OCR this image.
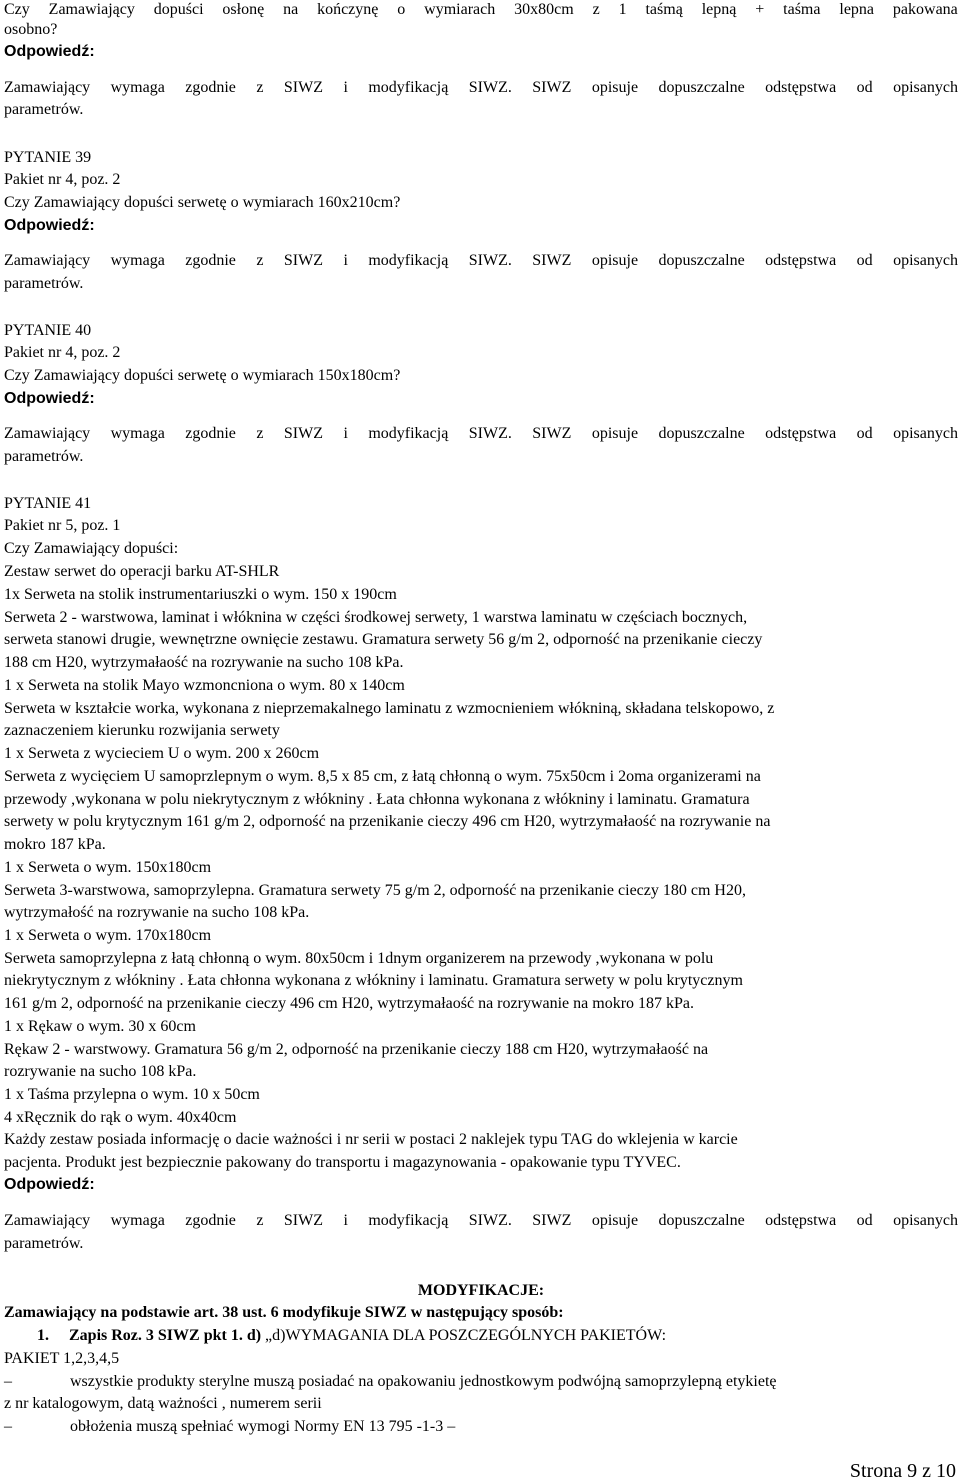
Czy Zamawiający dopuści osłonę na kończynę o wymiarach 30x80cm z 1 taśmą lepną + taśma lepna pakowana
osobno?
Odpowiedź:
Zamawiający wymaga zgodnie z SIWZ i modyfikacją SIWZ. SIWZ opisuje dopuszczalne odstępstwa od opisanych
parametrów.
PYTANIE 39
Pakiet nr 4, poz. 2
Czy Zamawiający dopuści serwetę o wymiarach 160x210cm?
Odpowiedź:
Zamawiający wymaga zgodnie z SIWZ i modyfikacją SIWZ. SIWZ opisuje dopuszczalne odstępstwa od opisanych
parametrów.
PYTANIE 40
Pakiet nr 4, poz. 2
Czy Zamawiający dopuści serwetę o wymiarach 150x180cm?
Odpowiedź:
Zamawiający wymaga zgodnie z SIWZ i modyfikacją SIWZ. SIWZ opisuje dopuszczalne odstępstwa od opisanych
parametrów.
PYTANIE 41
Pakiet nr 5, poz. 1
Czy Zamawiający dopuści:
Zestaw serwet do operacji barku AT-SHLR
1x Serweta na stolik instrumentariuszki o wym. 150 x 190cm
Serweta 2 - warstwowa, laminat i włóknina w części środkowej serwety, 1 warstwa laminatu w częściach bocznych,
serweta stanowi drugie, wewnętrzne ownięcie zestawu. Gramatura serwety 56 g/m 2, odporność na przenikanie cieczy
188 cm H20, wytrzymałaość na rozrywanie na sucho 108 kPa.
1 x Serweta na stolik Mayo wzmoncniona o wym. 80 x 140cm
Serweta w kształcie worka, wykonana z nieprzemakalnego laminatu z wzmocnieniem włókniną, składana telskopowo, z
zaznaczeniem kierunku rozwijania serwety
1 x Serweta z wycieciem U o wym. 200 x 260cm
Serweta z wycięciem U samoprzlepnym o wym. 8,5 x 85 cm, z łatą chłonną o wym. 75x50cm i 2oma organizerami na
przewody ,wykonana w polu niekrytycznym z włókniny . Łata chłonna wykonana z włókniny i laminatu. Gramatura
serwety w polu krytycznym 161 g/m 2, odporność na przenikanie cieczy 496 cm H20, wytrzymałaość na rozrywanie na
mokro 187 kPa.
1 x Serweta o wym. 150x180cm
Serweta 3-warstwowa, samoprzylepna. Gramatura serwety 75 g/m 2, odporność na przenikanie cieczy 180 cm H20,
wytrzymałość na rozrywanie na sucho 108 kPa.
1 x Serweta o wym. 170x180cm
Serweta samoprzylepna z łatą chłonną o wym. 80x50cm i 1dnym organizerem na przewody ,wykonana w polu
niekrytycznym z włókniny . Łata chłonna wykonana z włókniny i laminatu. Gramatura serwety w polu krytycznym
161 g/m 2, odporność na przenikanie cieczy 496 cm H20, wytrzymałaość na rozrywanie na mokro 187 kPa.
1 x Rękaw o wym. 30 x 60cm
Rękaw 2 - warstwowy. Gramatura 56 g/m 2, odporność na przenikanie cieczy 188 cm H20, wytrzymałaość na
rozrywanie na sucho 108 kPa.
1 x Taśma przylepna o wym. 10 x 50cm
4 xRęcznik do rąk o wym. 40x40cm
Każdy zestaw posiada informację o dacie ważności i nr serii w postaci 2 naklejek typu TAG do wklejenia w karcie
pacjenta. Produkt jest bezpiecznie pakowany do transportu i magazynowania - opakowanie typu TYVEC.
Odpowiedź:
Zamawiający wymaga zgodnie z SIWZ i modyfikacją SIWZ. SIWZ opisuje dopuszczalne odstępstwa od opisanych
parametrów.
MODYFIKACJE:
Zamawiający na podstawie art. 38 ust. 6 modyfikuje SIWZ w następujący sposób:
1. Zapis Roz. 3 SIWZ pkt 1. d) „d)WYMAGANIA DLA POSZCZEGÓLNYCH PAKIETÓW:
PAKIET 1,2,3,4,5
–	wszystkie produkty sterylne muszą posiadać na opakowaniu jednostkowym podwójną samoprzylepną etykietę
z nr katalogowym, datą ważności , numerem serii
–	obłożenia muszą spełniać wymogi Normy EN 13 795 -1-3 –
Strona 9 z 10
